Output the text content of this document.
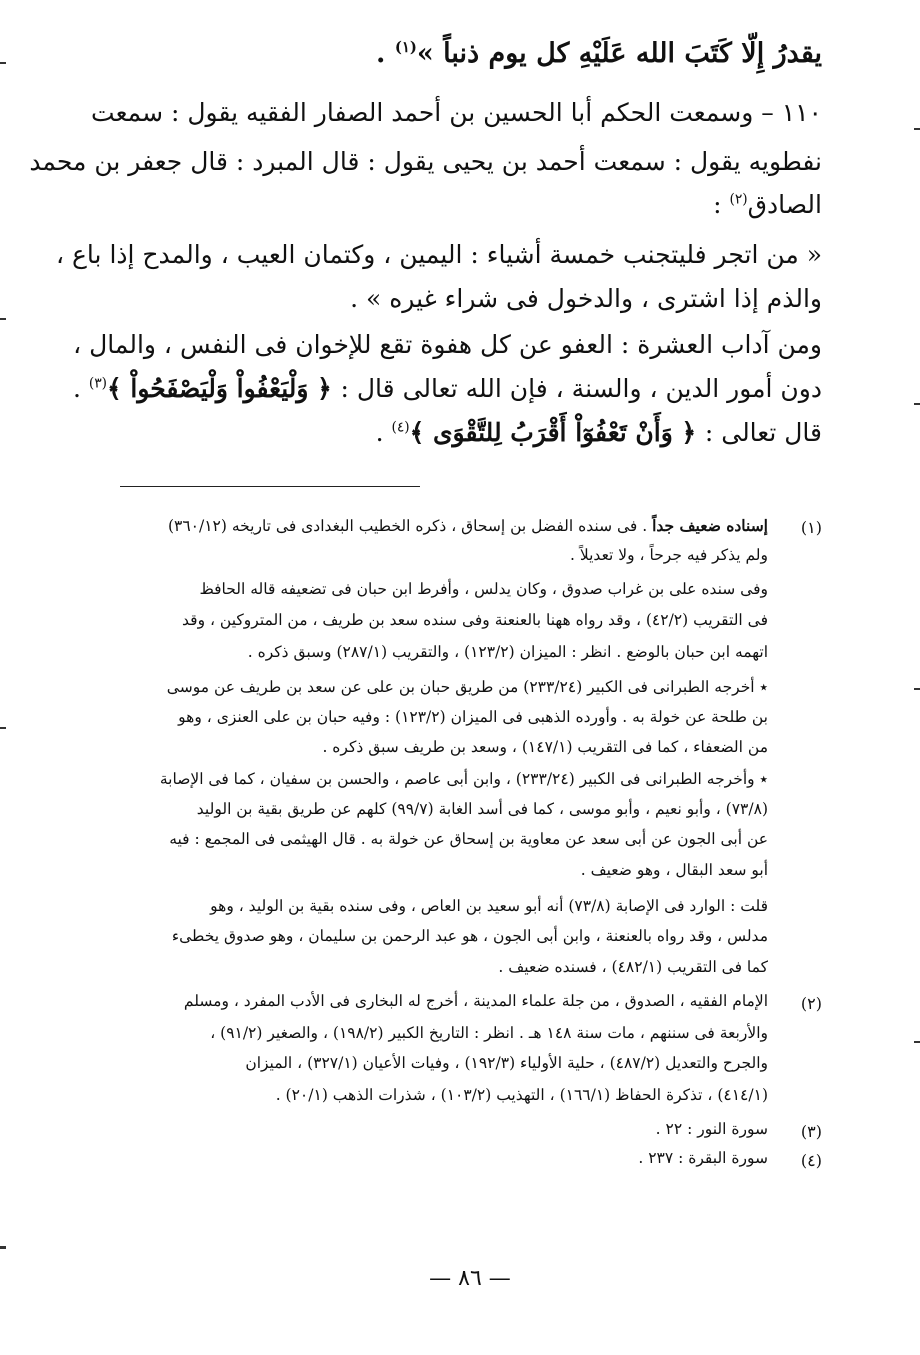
يقدرُ إِلّا كَتَبَ الله عَلَيْهِ كل يوم ذنباً »$^{(١)}$ .
١١٠ – وسمعت الحكم أبا الحسين بن أحمد الصفار الفقيه يقول : سمعت
نفطويه يقول : سمعت أحمد بن يحيى يقول : قال المبرد : قال جعفر بن محمد
الصادق$^{(٢)}$ :
« من اتجر فليتجنب خمسة أشياء : اليمين ، وكتمان العيب ، والمدح إذا باع ،
والذم إذا اشترى ، والدخول فى شراء غيره » .
ومن آداب العشرة : العفو عن كل هفوة تقع للإخوان فى النفس ، والمال ،
دون أمور الدين ، والسنة ، فإن الله تعالى قال : ﴿ وَلْيَعْفُواْ وَلْيَصْفَحُواْ ﴾$^{(٣)}$ .
قال تعالى : ﴿ وَأَنْ تَعْفُوٓاْ أَقْرَبُ لِلتَّقْوَى ﴾$^{(٤)}$ .
(١)
إسناده ضعيف جداً . فى سنده الفضل بن إسحاق ، ذكره الخطيب البغدادى فى تاريخه (٣٦٠/١٢)
ولم يذكر فيه جرحاً ، ولا تعديلاً .
وفى سنده على بن غراب صدوق ، وكان يدلس ، وأفرط ابن حبان فى تضعيفه قاله الحافظ
فى التقريب (٤٢/٢) ، وقد رواه ههنا بالعنعنة وفى سنده سعد بن طريف ، من المتروكين ، وقد
اتهمه ابن حبان بالوضع . انظر : الميزان (١٢٣/٢) ، والتقريب (٢٨٧/١) وسبق ذكره .
٭ أخرجه الطبرانى فى الكبير (٢٣٣/٢٤) من طريق حبان بن على عن سعد بن طريف عن موسى
بن طلحة عن خولة به . وأورده الذهبى فى الميزان (١٢٣/٢) : وفيه حبان بن على العنزى ، وهو
من الضعفاء ، كما فى التقريب (١٤٧/١) ، وسعد بن طريف سبق ذكره .
٭ وأخرجه الطبرانى فى الكبير (٢٣٣/٢٤) ، وابن أبى عاصم ، والحسن بن سفيان ، كما فى الإصابة
(٧٣/٨) ، وأبو نعيم ، وأبو موسى ، كما فى أسد الغابة (٩٩/٧) كلهم عن طريق بقية بن الوليد
عن أبى الجون عن أبى سعد عن معاوية بن إسحاق عن خولة به . قال الهيثمى فى المجمع : فيه
أبو سعد البقال ، وهو ضعيف .
قلت : الوارد فى الإصابة (٧٣/٨) أنه أبو سعيد بن العاص ، وفى سنده بقية بن الوليد ، وهو
مدلس ، وقد رواه بالعنعنة ، وابن أبى الجون ، هو عبد الرحمن بن سليمان ، وهو صدوق يخطىء
كما فى التقريب (٤٨٢/١) ، فسنده ضعيف .
(٢)
الإمام الفقيه ، الصدوق ، من جلة علماء المدينة ، أخرج له البخارى فى الأدب المفرد ، ومسلم
والأربعة فى سننهم ، مات سنة ١٤٨ هـ . انظر : التاريخ الكبير (١٩٨/٢) ، والصغير (٩١/٢) ،
والجرح والتعديل (٤٨٧/٢) ، حلية الأولياء (١٩٢/٣) ، وفيات الأعيان (٣٢٧/١) ، الميزان
(٤١٤/١) ، تذكرة الحفاظ (١٦٦/١) ، التهذيب (١٠٣/٢) ، شذرات الذهب (٢٠/١) .
(٣)
سورة النور : ٢٢ .
(٤)
سورة البقرة : ٢٣٧ .
— ٨٦ —
